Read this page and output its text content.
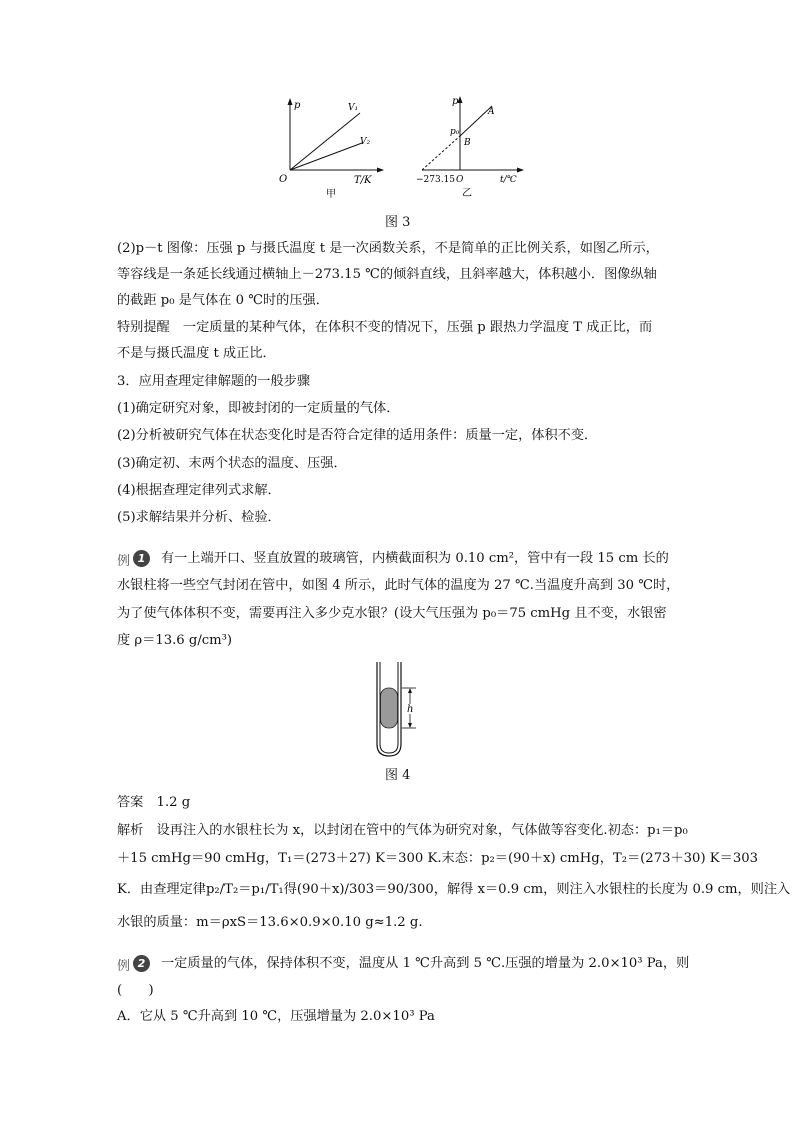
p
T/K
O
V₁
V₂
甲
p
t/℃
O
−273.15
p₀
A
B
乙
图 3
(2)p－t 图像：压强 p 与摄氏温度 t 是一次函数关系，不是简单的正比例关系，如图乙所示，
等容线是一条延长线通过横轴上－273.15 ℃的倾斜直线，且斜率越大，体积越小．图像纵轴
的截距 p₀ 是气体在 0 ℃时的压强．
特别提醒　一定质量的某种气体，在体积不变的情况下，压强 p 跟热力学温度 T 成正比，而
不是与摄氏温度 t 成正比．
3．应用查理定律解题的一般步骤
(1)确定研究对象，即被封闭的一定质量的气体．
(2)分析被研究气体在状态变化时是否符合定律的适用条件：质量一定，体积不变．
(3)确定初、末两个状态的温度、压强．
(4)根据查理定律列式求解．
(5)求解结果并分析、检验．
例 1	有一上端开口、竖直放置的玻璃管，内横截面积为 0.10 cm²，管中有一段 15 cm 长的
水银柱将一些空气封闭在管中，如图 4 所示，此时气体的温度为 27 ℃.当温度升高到 30 ℃时，
为了使气体体积不变，需要再注入多少克水银？(设大气压强为 p₀＝75 cmHg 且不变，水银密
度 ρ＝13.6 g/cm³)
h
图 4
答案　1.2 g
解析　设再注入的水银柱长为 x，以封闭在管中的气体为研究对象，气体做等容变化.初态：p₁＝p₀
＋15 cmHg＝90 cmHg，T₁＝(273＋27) K＝300 K.末态：p₂＝(90＋x) cmHg，T₂＝(273＋30) K＝303
K．由查理定律p₂/T₂＝p₁/T₁得(90＋x)/303＝90/300，解得 x＝0.9 cm，则注入水银柱的长度为 0.9 cm，则注入
水银的质量：m＝ρxS＝13.6×0.9×0.10 g≈1.2 g.
例 2	一定质量的气体，保持体积不变，温度从 1 ℃升高到 5 ℃.压强的增量为 2.0×10³ Pa，则
(　　)
A．它从 5 ℃升高到 10 ℃，压强增量为 2.0×10³ Pa
